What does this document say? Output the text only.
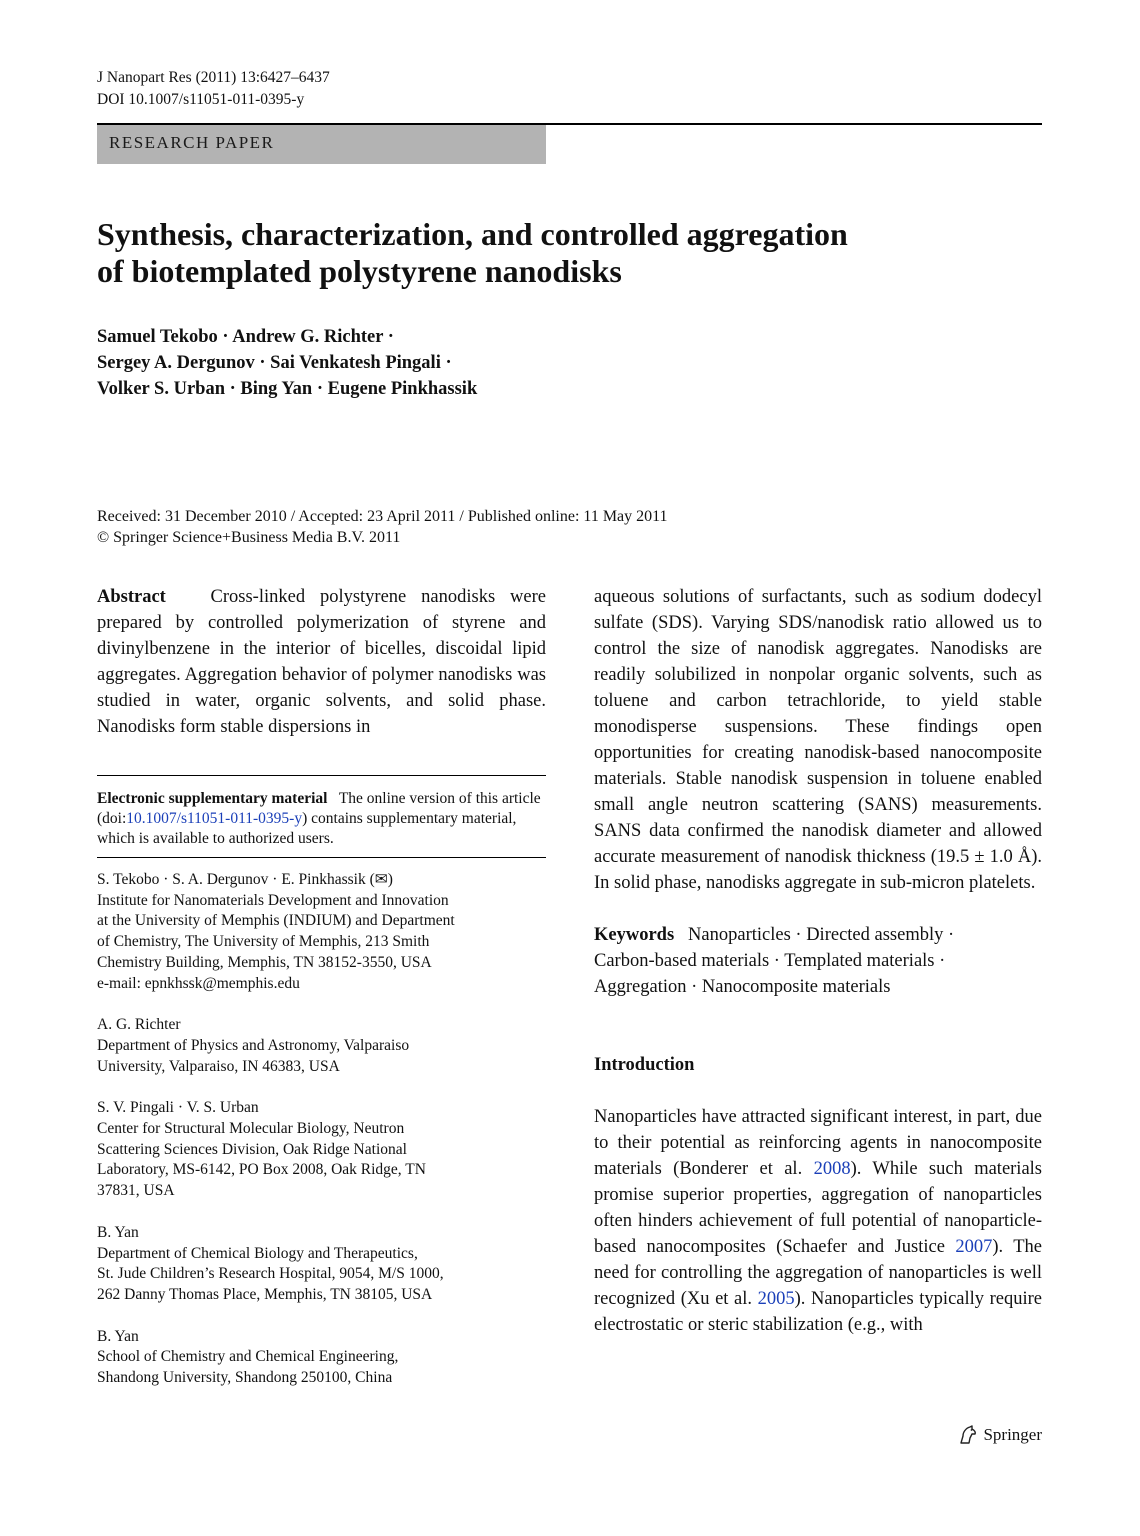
J Nanopart Res (2011) 13:6427–6437
DOI 10.1007/s11051-011-0395-y
RESEARCH PAPER
Synthesis, characterization, and controlled aggregation
of biotemplated polystyrene nanodisks
Samuel Tekobo · Andrew G. Richter ·
Sergey A. Dergunov · Sai Venkatesh Pingali ·
Volker S. Urban · Bing Yan · Eugene Pinkhassik
Received: 31 December 2010 / Accepted: 23 April 2011 / Published online: 11 May 2011
© Springer Science+Business Media B.V. 2011
Abstract Cross-linked polystyrene nanodisks were prepared by controlled polymerization of styrene and divinylbenzene in the interior of bicelles, discoidal lipid aggregates. Aggregation behavior of polymer nanodisks was studied in water, organic solvents, and solid phase. Nanodisks form stable dispersions in
Electronic supplementary material The online version of this article (doi:10.1007/s11051-011-0395-y) contains supplementary material, which is available to authorized users.
S. Tekobo · S. A. Dergunov · E. Pinkhassik (✉)
Institute for Nanomaterials Development and Innovation
at the University of Memphis (INDIUM) and Department
of Chemistry, The University of Memphis, 213 Smith
Chemistry Building, Memphis, TN 38152-3550, USA
e-mail: epnkhssk@memphis.edu
A. G. Richter
Department of Physics and Astronomy, Valparaiso
University, Valparaiso, IN 46383, USA
S. V. Pingali · V. S. Urban
Center for Structural Molecular Biology, Neutron
Scattering Sciences Division, Oak Ridge National
Laboratory, MS-6142, PO Box 2008, Oak Ridge, TN
37831, USA
B. Yan
Department of Chemical Biology and Therapeutics,
St. Jude Children’s Research Hospital, 9054, M/S 1000,
262 Danny Thomas Place, Memphis, TN 38105, USA
B. Yan
School of Chemistry and Chemical Engineering,
Shandong University, Shandong 250100, China
aqueous solutions of surfactants, such as sodium dodecyl sulfate (SDS). Varying SDS/nanodisk ratio allowed us to control the size of nanodisk aggregates. Nanodisks are readily solubilized in nonpolar organic solvents, such as toluene and carbon tetrachloride, to yield stable monodisperse suspensions. These findings open opportunities for creating nanodisk-based nanocomposite materials. Stable nanodisk suspension in toluene enabled small angle neutron scattering (SANS) measurements. SANS data confirmed the nanodisk diameter and allowed accurate measurement of nanodisk thickness (19.5 ± 1.0 Å). In solid phase, nanodisks aggregate in sub-micron platelets.

Keywords Nanoparticles · Directed assembly ·

Carbon-based materials · Templated materials ·

Aggregation · Nanocomposite materials

Introduction
Nanoparticles have attracted significant interest, in part, due to their potential as reinforcing agents in nanocomposite materials (Bonderer et al. 2008). While such materials promise superior properties, aggregation of nanoparticles often hinders achievement of full potential of nanoparticle-based nanocomposites (Schaefer and Justice 2007). The need for controlling the aggregation of nanoparticles is well recognized (Xu et al. 2005). Nanoparticles typically require electrostatic or steric stabilization (e.g., with
Springer
